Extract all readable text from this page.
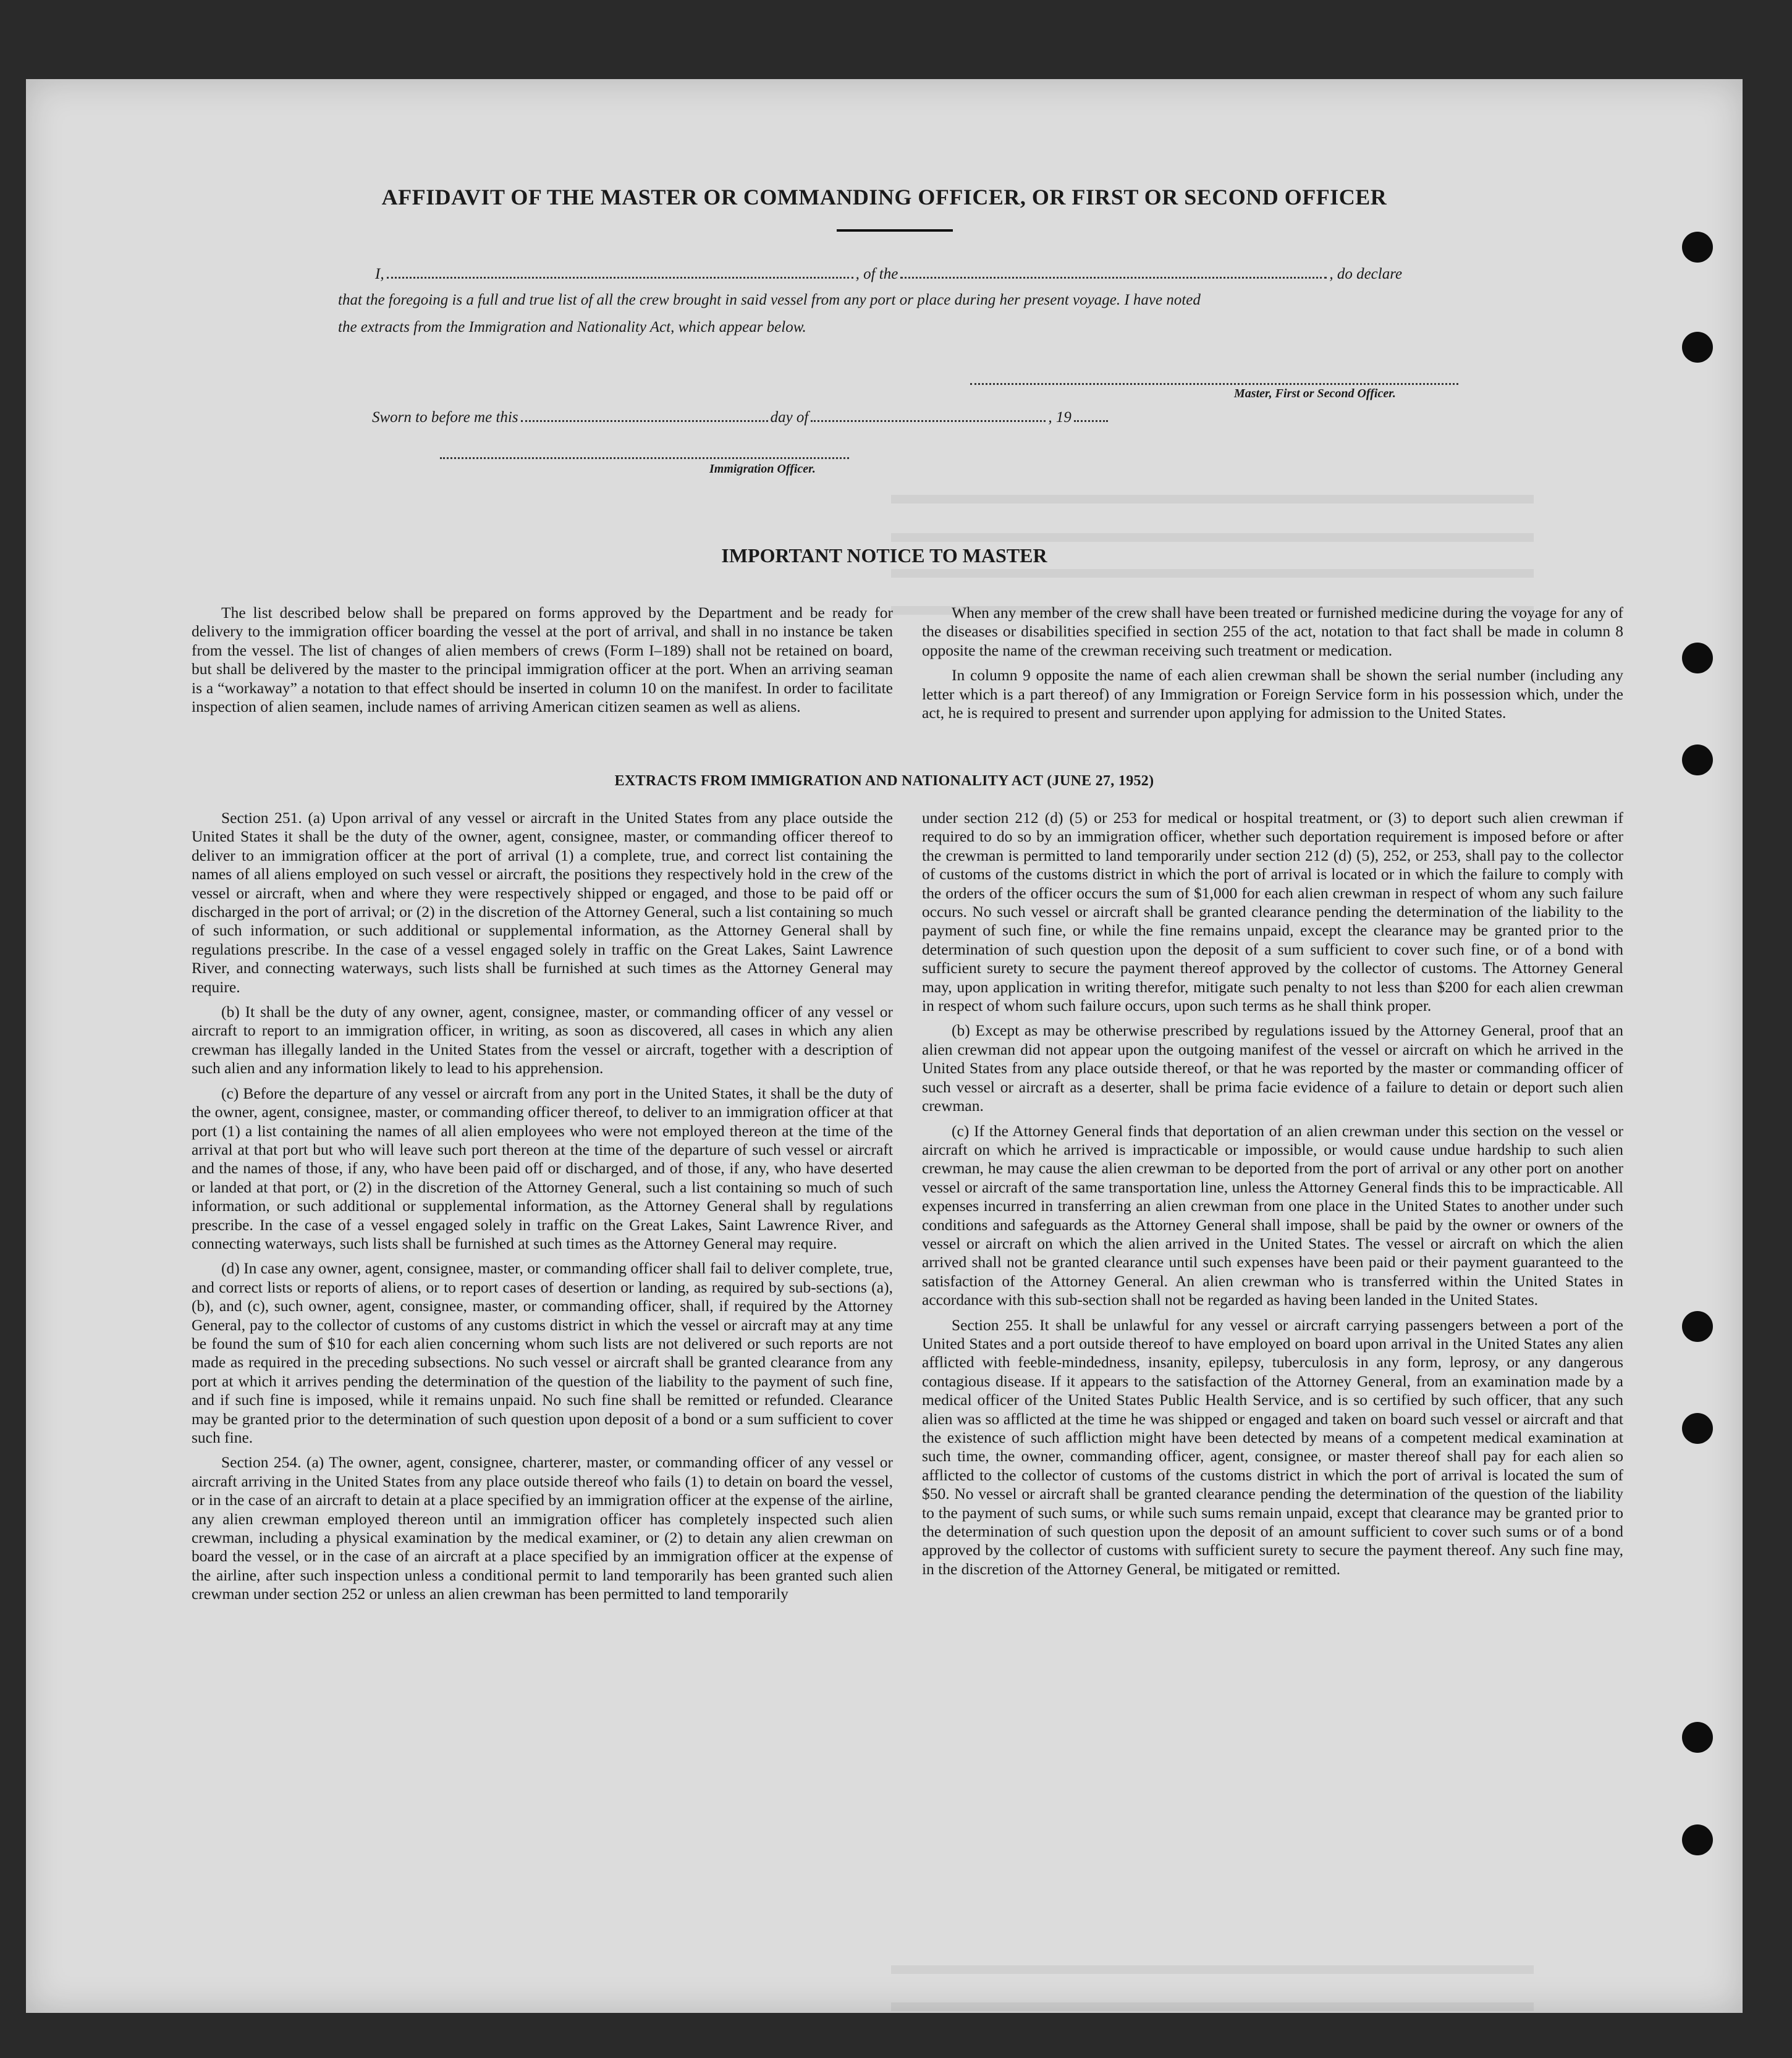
AFFIDAVIT OF THE MASTER OR COMMANDING OFFICER, OR FIRST OR SECOND OFFICER
I,	, of the	, do declare
that the foregoing is a full and true list of all the crew brought in said vessel from any port or place during her present voyage. I have noted
the extracts from the Immigration and Nationality Act, which appear below.
Master, First or Second Officer.
Sworn to before me this	day of	, 19
Immigration Officer.
IMPORTANT NOTICE TO MASTER

The list described below shall be prepared on forms approved by the Department and be ready for delivery to the immigration officer boarding the vessel at the port of arrival, and shall in no instance be taken from the vessel. The list of changes of alien members of crews (Form I–189) shall not be retained on board, but shall be delivered by the master to the principal immigration officer at the port. When an arriving seaman is a “workaway” a notation to that effect should be inserted in column 10 on the manifest. In order to facilitate inspection of alien seamen, include names of arriving American citizen seamen as well as aliens.

When any member of the crew shall have been treated or furnished medicine during the voyage for any of the diseases or disabilities specified in section 255 of the act, notation to that fact shall be made in column 8 opposite the name of the crewman receiving such treatment or medication.

In column 9 opposite the name of each alien crewman shall be shown the serial number (including any letter which is a part thereof) of any Immigration or Foreign Service form in his possession which, under the act, he is required to present and surrender upon applying for admission to the United States.

EXTRACTS FROM IMMIGRATION AND NATIONALITY ACT (JUNE 27, 1952)

Section 251. (a) Upon arrival of any vessel or aircraft in the United States from any place outside the United States it shall be the duty of the owner, agent, consignee, master, or commanding officer thereof to deliver to an immigration officer at the port of arrival (1) a complete, true, and correct list containing the names of all aliens employed on such vessel or aircraft, the positions they respectively hold in the crew of the vessel or aircraft, when and where they were respectively shipped or engaged, and those to be paid off or discharged in the port of arrival; or (2) in the discretion of the Attorney General, such a list containing so much of such information, or such additional or supplemental information, as the Attorney General shall by regulations prescribe. In the case of a vessel engaged solely in traffic on the Great Lakes, Saint Lawrence River, and connecting waterways, such lists shall be furnished at such times as the Attorney General may require.

(b) It shall be the duty of any owner, agent, consignee, master, or commanding officer of any vessel or aircraft to report to an immigration officer, in writing, as soon as discovered, all cases in which any alien crewman has illegally landed in the United States from the vessel or aircraft, together with a description of such alien and any information likely to lead to his apprehension.

(c) Before the departure of any vessel or aircraft from any port in the United States, it shall be the duty of the owner, agent, consignee, master, or commanding officer thereof, to deliver to an immigration officer at that port (1) a list containing the names of all alien employees who were not employed thereon at the time of the arrival at that port but who will leave such port thereon at the time of the departure of such vessel or aircraft and the names of those, if any, who have been paid off or discharged, and of those, if any, who have deserted or landed at that port, or (2) in the discretion of the Attorney General, such a list containing so much of such information, or such additional or supplemental information, as the Attorney General shall by regulations prescribe. In the case of a vessel engaged solely in traffic on the Great Lakes, Saint Lawrence River, and connecting waterways, such lists shall be furnished at such times as the Attorney General may require.

(d) In case any owner, agent, consignee, master, or commanding officer shall fail to deliver complete, true, and correct lists or reports of aliens, or to report cases of desertion or landing, as required by sub-sections (a), (b), and (c), such owner, agent, consignee, master, or commanding officer, shall, if required by the Attorney General, pay to the collector of customs of any customs district in which the vessel or aircraft may at any time be found the sum of $10 for each alien concerning whom such lists are not delivered or such reports are not made as required in the preceding subsections. No such vessel or aircraft shall be granted clearance from any port at which it arrives pending the determination of the question of the liability to the payment of such fine, and if such fine is imposed, while it remains unpaid. No such fine shall be remitted or refunded. Clearance may be granted prior to the determination of such question upon deposit of a bond or a sum sufficient to cover such fine.

Section 254. (a) The owner, agent, consignee, charterer, master, or commanding officer of any vessel or aircraft arriving in the United States from any place outside thereof who fails (1) to detain on board the vessel, or in the case of an aircraft to detain at a place specified by an immigration officer at the expense of the airline, any alien crewman employed thereon until an immigration officer has completely inspected such alien crewman, including a physical examination by the medical examiner, or (2) to detain any alien crewman on board the vessel, or in the case of an aircraft at a place specified by an immigration officer at the expense of the airline, after such inspection unless a conditional permit to land temporarily has been granted such alien crewman under section 252 or unless an alien crewman has been permitted to land temporarily

under section 212 (d) (5) or 253 for medical or hospital treatment, or (3) to deport such alien crewman if required to do so by an immigration officer, whether such deportation requirement is imposed before or after the crewman is permitted to land temporarily under section 212 (d) (5), 252, or 253, shall pay to the collector of customs of the customs district in which the port of arrival is located or in which the failure to comply with the orders of the officer occurs the sum of $1,000 for each alien crewman in respect of whom any such failure occurs. No such vessel or aircraft shall be granted clearance pending the determination of the liability to the payment of such fine, or while the fine remains unpaid, except the clearance may be granted prior to the determination of such question upon the deposit of a sum sufficient to cover such fine, or of a bond with sufficient surety to secure the payment thereof approved by the collector of customs. The Attorney General may, upon application in writing therefor, mitigate such penalty to not less than $200 for each alien crewman in respect of whom such failure occurs, upon such terms as he shall think proper.

(b) Except as may be otherwise prescribed by regulations issued by the Attorney General, proof that an alien crewman did not appear upon the outgoing manifest of the vessel or aircraft on which he arrived in the United States from any place outside thereof, or that he was reported by the master or commanding officer of such vessel or aircraft as a deserter, shall be prima facie evidence of a failure to detain or deport such alien crewman.

(c) If the Attorney General finds that deportation of an alien crewman under this section on the vessel or aircraft on which he arrived is impracticable or impossible, or would cause undue hardship to such alien crewman, he may cause the alien crewman to be deported from the port of arrival or any other port on another vessel or aircraft of the same transportation line, unless the Attorney General finds this to be impracticable. All expenses incurred in transferring an alien crewman from one place in the United States to another under such conditions and safeguards as the Attorney General shall impose, shall be paid by the owner or owners of the vessel or aircraft on which the alien arrived in the United States. The vessel or aircraft on which the alien arrived shall not be granted clearance until such expenses have been paid or their payment guaranteed to the satisfaction of the Attorney General. An alien crewman who is transferred within the United States in accordance with this sub-section shall not be regarded as having been landed in the United States.

Section 255. It shall be unlawful for any vessel or aircraft carrying passengers between a port of the United States and a port outside thereof to have employed on board upon arrival in the United States any alien afflicted with feeble-mindedness, insanity, epilepsy, tuberculosis in any form, leprosy, or any dangerous contagious disease. If it appears to the satisfaction of the Attorney General, from an examination made by a medical officer of the United States Public Health Service, and is so certified by such officer, that any such alien was so afflicted at the time he was shipped or engaged and taken on board such vessel or aircraft and that the existence of such affliction might have been detected by means of a competent medical examination at such time, the owner, commanding officer, agent, consignee, or master thereof shall pay for each alien so afflicted to the collector of customs of the customs district in which the port of arrival is located the sum of $50. No vessel or aircraft shall be granted clearance pending the determination of the question of the liability to the payment of such sums, or while such sums remain unpaid, except that clearance may be granted prior to the determination of such question upon the deposit of an amount sufficient to cover such sums or of a bond approved by the collector of customs with sufficient surety to secure the payment thereof. Any such fine may, in the discretion of the Attorney General, be mitigated or remitted.
